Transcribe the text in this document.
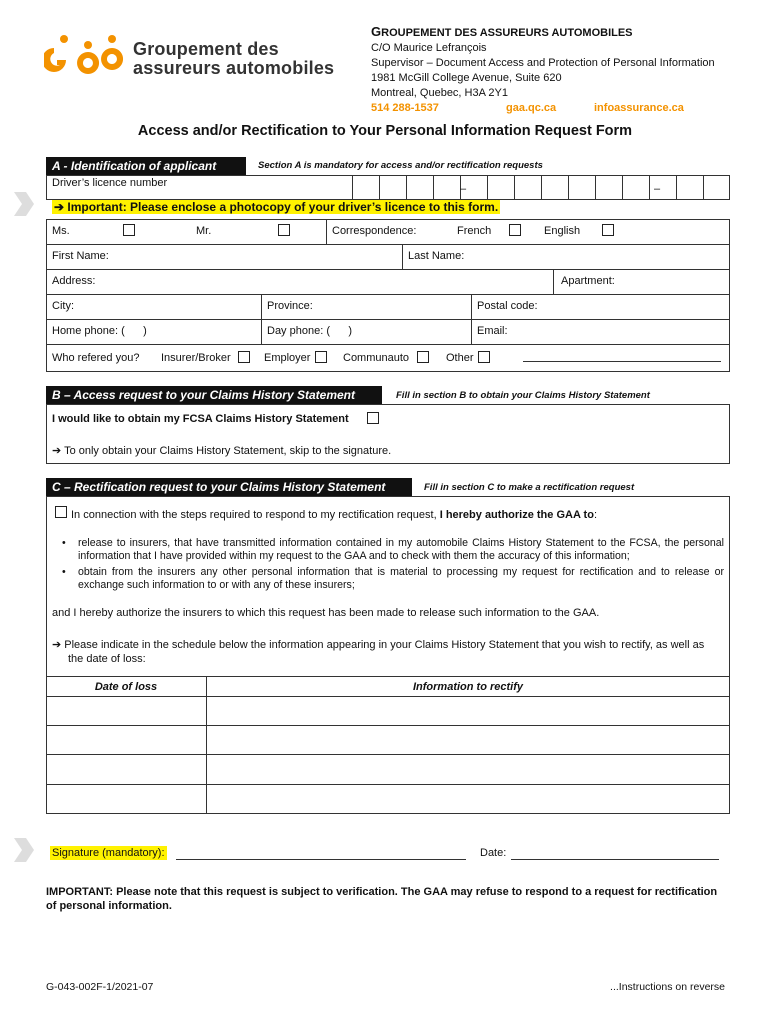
Groupement des
assureurs automobiles
GROUPEMENT DES ASSUREURS AUTOMOBILES
C/O Maurice Lefrançois
Supervisor – Document Access and Protection of Personal Information
1981 McGill College Avenue, Suite 620
Montreal, Quebec, H3A 2Y1
514 288-1537	gaa.qc.ca	infoassurance.ca
Access and/or Rectification to Your Personal Information Request Form
A - Identification of applicant	Section A is mandatory for access and/or rectification requests
Driver’s licence number	–	–
➔ Important: Please enclose a photocopy of your driver’s licence to this form.
Ms.	Mr.	Correspondence:	French	English
First Name:	Last Name:
Address:	Apartment:
City:	Province:	Postal code:
Home phone: (      )	Day phone: (      )	Email:
Who refered you? Insurer/Broker	Employer	Communauto	Other
B – Access request to your Claims History Statement	Fill in section B to obtain your Claims History Statement
I would like to obtain my FCSA Claims History Statement
➔ To only obtain your Claims History Statement, skip to the signature.
C – Rectification request to your Claims History Statement	Fill in section C to make a rectification request
In connection with the steps required to respond to my rectification request, I hereby authorize the GAA to:
•	release to insurers, that have transmitted information contained in my automobile Claims History Statement to the FCSA, the personal information that I have provided within my request to the GAA and to check with them the accuracy of this information;
•	obtain from the insurers any other personal information that is material to processing my request for rectification and to release or exchange such information to or with any of these insurers;
and I hereby authorize the insurers to which this request has been made to release such information to the GAA.
➔ Please indicate in the schedule below the information appearing in your Claims History Statement that you wish to rectify, as well as the date of loss:
Date of loss	Information to rectify
Signature (mandatory):	Date:
IMPORTANT: Please note that this request is subject to verification. The GAA may refuse to respond to a request for rectification of personal information.
G-043-002F-1/2021-07	...Instructions on reverse
